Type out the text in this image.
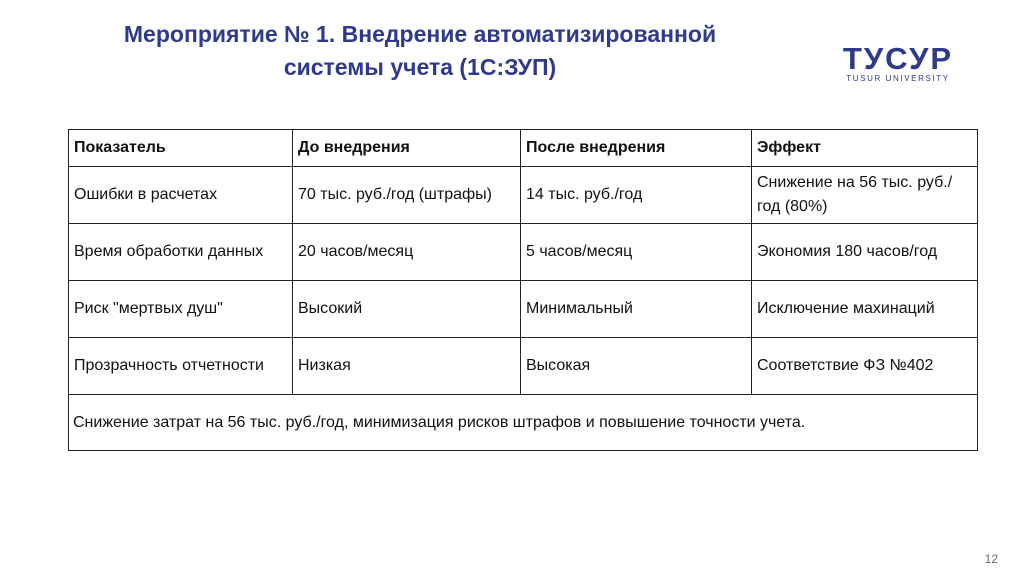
Мероприятие № 1. Внедрение автоматизированной
системы учета (1С:ЗУП)	ТУСУР
TUSUR UNIVERSITY
Показатель	До внедрения	После внедрения	Эффект
Ошибки в расчетах	70 тыс. руб./год (штрафы)	14 тыс. руб./год	Снижение на 56 тыс. руб./год (80%)
Время обработки данных	20 часов/месяц	5 часов/месяц	Экономия 180 часов/год
Риск "мертвых душ"	Высокий	Минимальный	Исключение махинаций
Прозрачность отчетности	Низкая	Высокая	Соответствие ФЗ №402
Снижение затрат на 56 тыс. руб./год, минимизация рисков штрафов и повышение точности учета.			
12
